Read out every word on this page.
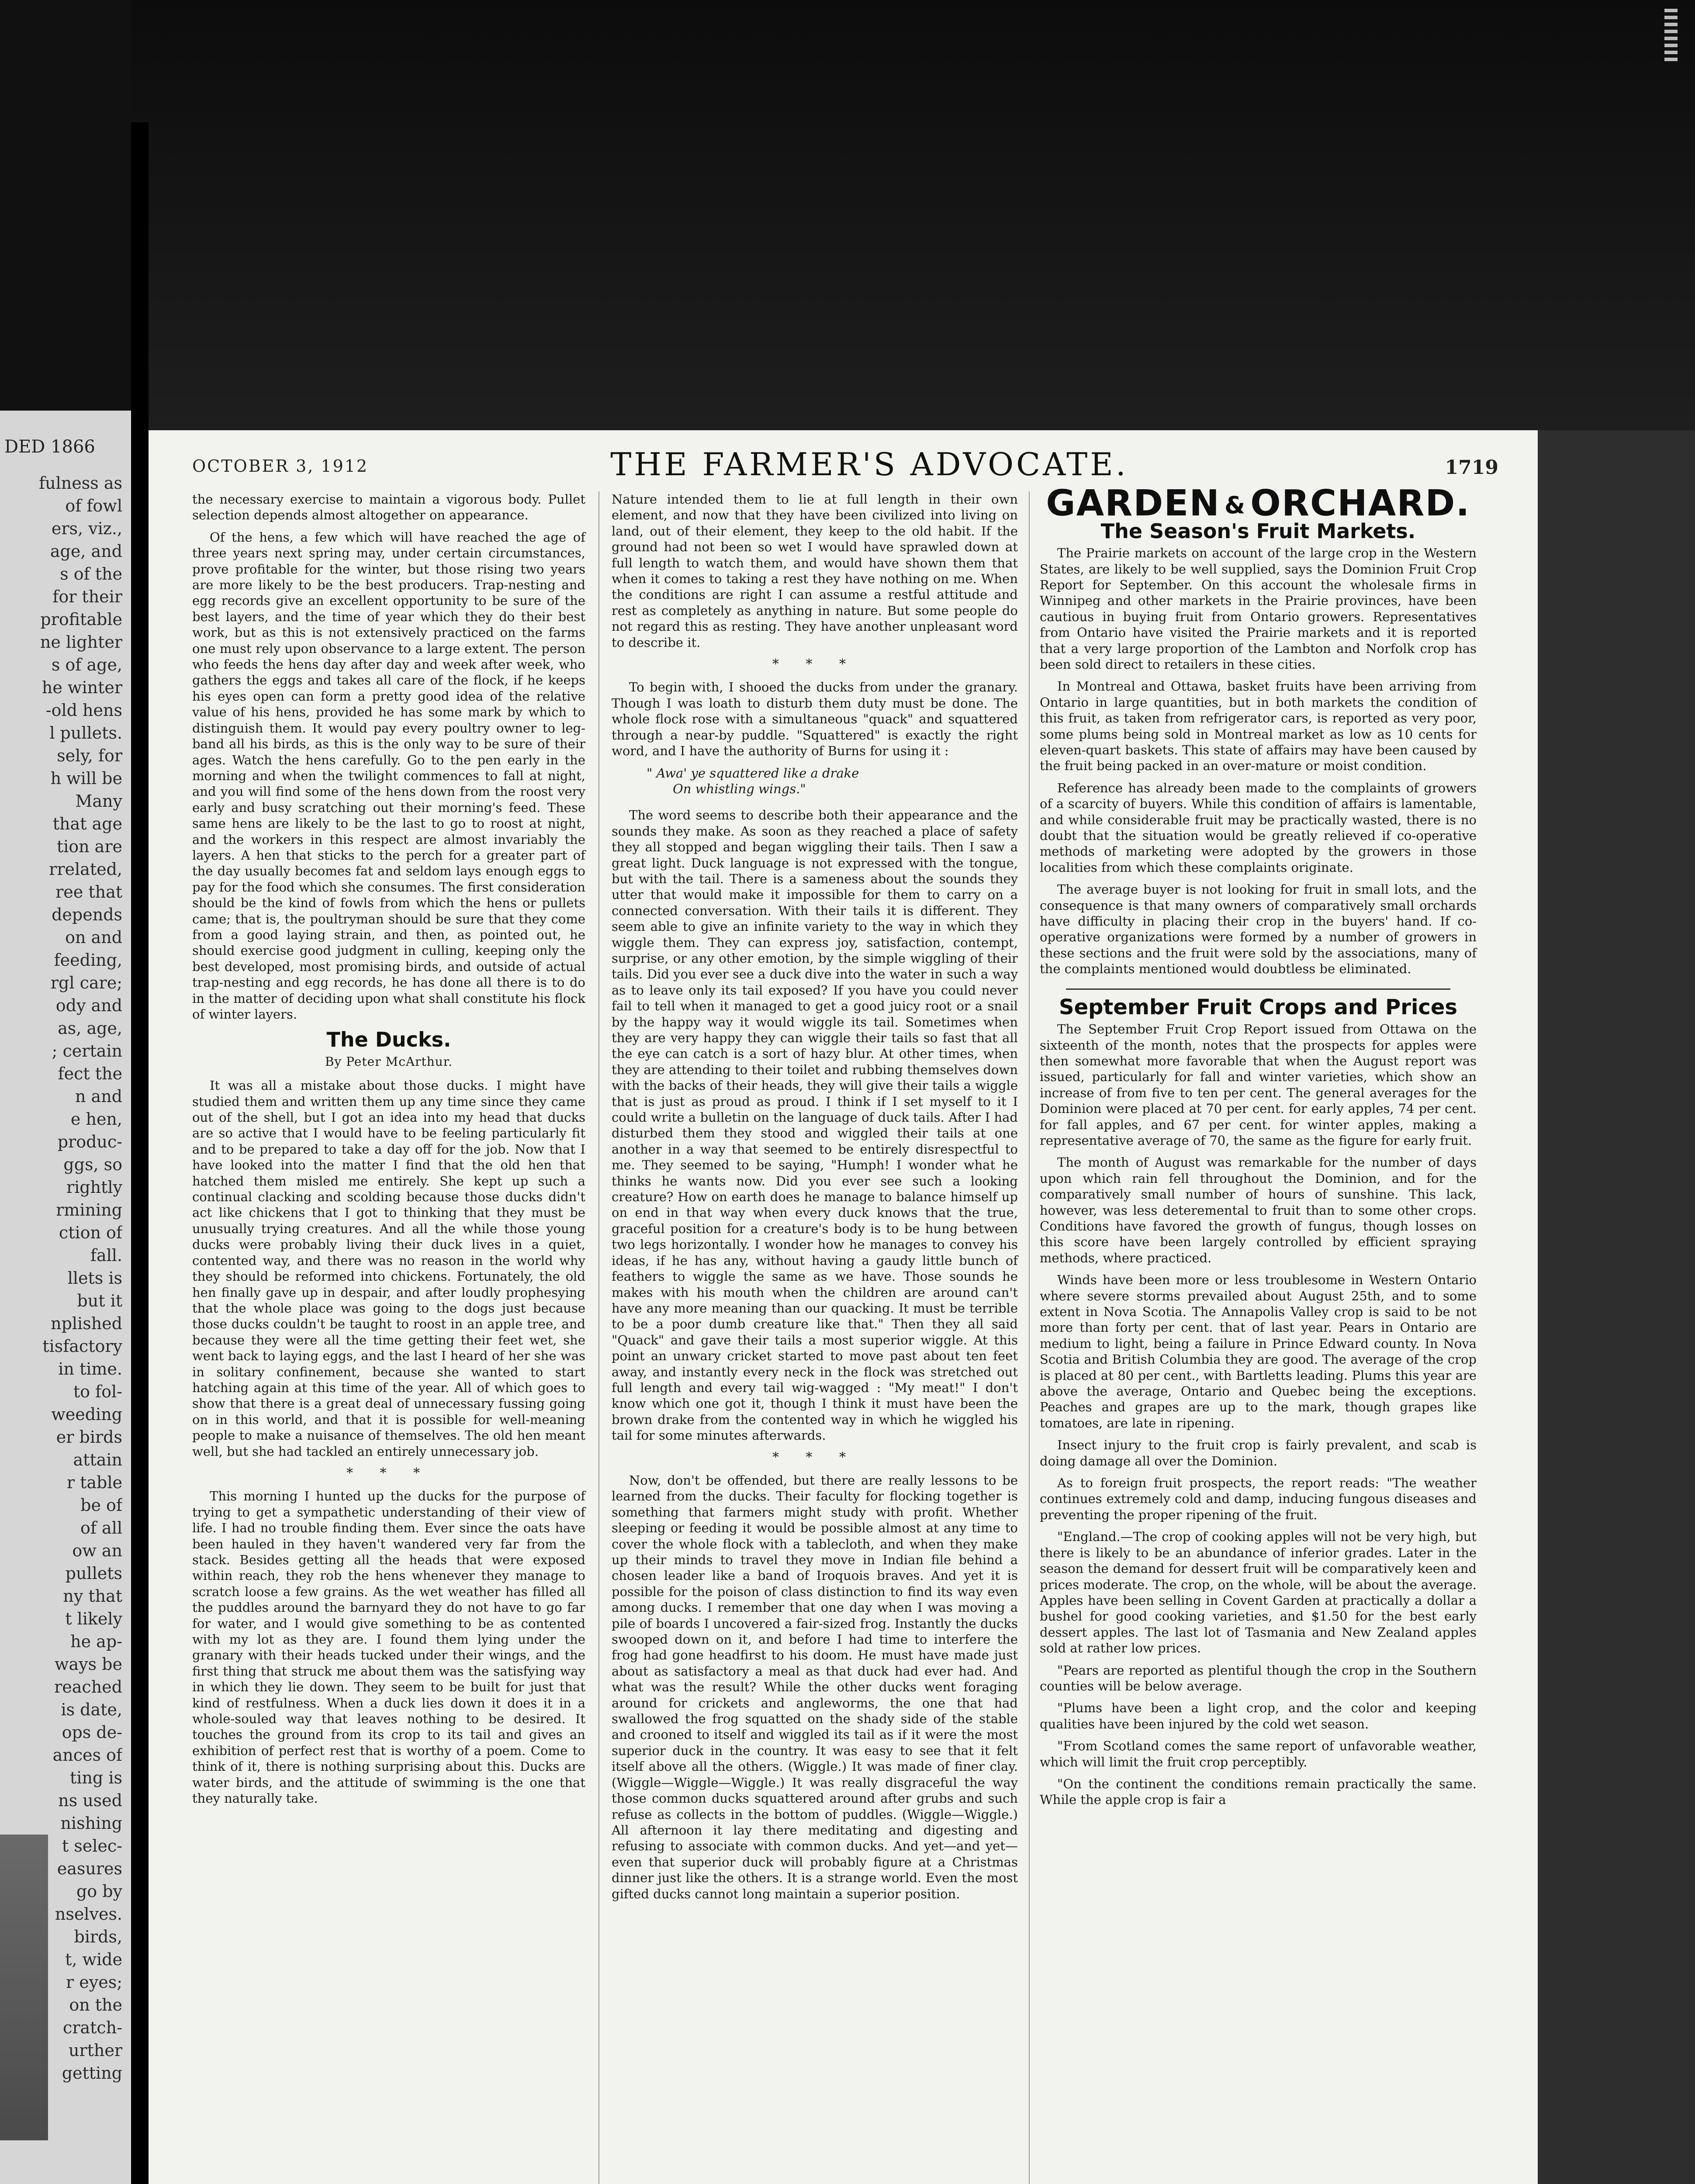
DED 1866
fulness as
of fowl
ers, viz.,
age, and
s of the
for their
profitable
ne lighter
s of age,
he winter
-old hens
l pullets.
sely, for
h will be
Many
that age
tion are
rrelated,
ree that
depends
on and
feeding,
rgl care;
ody and
as, age,
; certain
fect the
n and
e hen,
produc-
ggs, so
rightly
rmining
ction of
fall.
llets is
but it
nplished
tisfactory
in time.
to fol-
weeding
er birds
attain
r table
be of
of all
ow an
pullets
ny that
t likely
he ap-
ways be
reached
is date,
ops de-
ances of
ting is
ns used
nishing
t selec-
easures
go by
nselves.
birds,
t, wide
r eyes;
on the
cratch-
urther
getting
OCTOBER 3, 1912	THE FARMER'S ADVOCATE.	1719

the necessary exercise to maintain a vigorous body. Pullet selection depends almost altogether on appearance.

Of the hens, a few which will have reached the age of three years next spring may, under certain circumstances, prove profitable for the winter, but those rising two years are more likely to be the best producers. Trap-nesting and egg records give an excellent opportunity to be sure of the best layers, and the time of year which they do their best work, but as this is not extensively practiced on the farms one must rely upon observance to a large extent. The person who feeds the hens day after day and week after week, who gathers the eggs and takes all care of the flock, if he keeps his eyes open can form a pretty good idea of the relative value of his hens, provided he has some mark by which to distinguish them. It would pay every poultry owner to leg-band all his birds, as this is the only way to be sure of their ages. Watch the hens carefully. Go to the pen early in the morning and when the twilight commences to fall at night, and you will find some of the hens down from the roost very early and busy scratching out their morning's feed. These same hens are likely to be the last to go to roost at night, and the workers in this respect are almost invariably the layers. A hen that sticks to the perch for a greater part of the day usually becomes fat and seldom lays enough eggs to pay for the food which she consumes. The first consideration should be the kind of fowls from which the hens or pullets came; that is, the poultryman should be sure that they come from a good laying strain, and then, as pointed out, he should exercise good judgment in culling, keeping only the best developed, most promising birds, and outside of actual trap-nesting and egg records, he has done all there is to do in the matter of deciding upon what shall constitute his flock of winter layers.

The Ducks.
By Peter McArthur.

It was all a mistake about those ducks. I might have studied them and written them up any time since they came out of the shell, but I got an idea into my head that ducks are so active that I would have to be feeling particularly fit and to be prepared to take a day off for the job. Now that I have looked into the matter I find that the old hen that hatched them misled me entirely. She kept up such a continual clacking and scolding because those ducks didn't act like chickens that I got to thinking that they must be unusually trying creatures. And all the while those young ducks were probably living their duck lives in a quiet, contented way, and there was no reason in the world why they should be reformed into chickens. Fortunately, the old hen finally gave up in despair, and after loudly prophesying that the whole place was going to the dogs just because those ducks couldn't be taught to roost in an apple tree, and because they were all the time getting their feet wet, she went back to laying eggs, and the last I heard of her she was in solitary confinement, because she wanted to start hatching again at this time of the year. All of which goes to show that there is a great deal of unnecessary fussing going on in this world, and that it is possible for well-meaning people to make a nuisance of themselves. The old hen meant well, but she had tackled an entirely unnecessary job.

* * *

This morning I hunted up the ducks for the purpose of trying to get a sympathetic understanding of their view of life. I had no trouble finding them. Ever since the oats have been hauled in they haven't wandered very far from the stack. Besides getting all the heads that were exposed within reach, they rob the hens whenever they manage to scratch loose a few grains. As the wet weather has filled all the puddles around the barnyard they do not have to go far for water, and I would give something to be as contented with my lot as they are. I found them lying under the granary with their heads tucked under their wings, and the first thing that struck me about them was the satisfying way in which they lie down. They seem to be built for just that kind of restfulness. When a duck lies down it does it in a whole-souled way that leaves nothing to be desired. It touches the ground from its crop to its tail and gives an exhibition of perfect rest that is worthy of a poem. Come to think of it, there is nothing surprising about this. Ducks are water birds, and the attitude of swimming is the one that they naturally take.

Nature intended them to lie at full length in their own element, and now that they have been civilized into living on land, out of their element, they keep to the old habit. If the ground had not been so wet I would have sprawled down at full length to watch them, and would have shown them that when it comes to taking a rest they have nothing on me. When the conditions are right I can assume a restful attitude and rest as completely as anything in nature. But some people do not regard this as resting. They have another unpleasant word to describe it.

* * *

To begin with, I shooed the ducks from under the granary. Though I was loath to disturb them duty must be done. The whole flock rose with a simultaneous "quack" and squattered through a near-by puddle. "Squattered" is exactly the right word, and I have the authority of Burns for using it :

" Awa' ye squattered like a drake
On whistling wings."

The word seems to describe both their appearance and the sounds they make. As soon as they reached a place of safety they all stopped and began wiggling their tails. Then I saw a great light. Duck language is not expressed with the tongue, but with the tail. There is a sameness about the sounds they utter that would make it impossible for them to carry on a connected conversation. With their tails it is different. They seem able to give an infinite variety to the way in which they wiggle them. They can express joy, satisfaction, contempt, surprise, or any other emotion, by the simple wiggling of their tails. Did you ever see a duck dive into the water in such a way as to leave only its tail exposed? If you have you could never fail to tell when it managed to get a good juicy root or a snail by the happy way it would wiggle its tail. Sometimes when they are very happy they can wiggle their tails so fast that all the eye can catch is a sort of hazy blur. At other times, when they are attending to their toilet and rubbing themselves down with the backs of their heads, they will give their tails a wiggle that is just as proud as proud. I think if I set myself to it I could write a bulletin on the language of duck tails. After I had disturbed them they stood and wiggled their tails at one another in a way that seemed to be entirely disrespectful to me. They seemed to be saying, "Humph! I wonder what he thinks he wants now. Did you ever see such a looking creature? How on earth does he manage to balance himself up on end in that way when every duck knows that the true, graceful position for a creature's body is to be hung between two legs horizontally. I wonder how he manages to convey his ideas, if he has any, without having a gaudy little bunch of feathers to wiggle the same as we have. Those sounds he makes with his mouth when the children are around can't have any more meaning than our quacking. It must be terrible to be a poor dumb creature like that." Then they all said "Quack" and gave their tails a most superior wiggle. At this point an unwary cricket started to move past about ten feet away, and instantly every neck in the flock was stretched out full length and every tail wig-wagged : "My meat!" I don't know which one got it, though I think it must have been the brown drake from the contented way in which he wiggled his tail for some minutes afterwards.

* * *

Now, don't be offended, but there are really lessons to be learned from the ducks. Their faculty for flocking together is something that farmers might study with profit. Whether sleeping or feeding it would be possible almost at any time to cover the whole flock with a tablecloth, and when they make up their minds to travel they move in Indian file behind a chosen leader like a band of Iroquois braves. And yet it is possible for the poison of class distinction to find its way even among ducks. I remember that one day when I was moving a pile of boards I uncovered a fair-sized frog. Instantly the ducks swooped down on it, and before I had time to interfere the frog had gone headfirst to his doom. He must have made just about as satisfactory a meal as that duck had ever had. And what was the result? While the other ducks went foraging around for crickets and angleworms, the one that had swallowed the frog squatted on the shady side of the stable and crooned to itself and wiggled its tail as if it were the most superior duck in the country. It was easy to see that it felt itself above all the others. (Wiggle.) It was made of finer clay. (Wiggle—Wiggle—Wiggle.) It was really disgraceful the way those common ducks squattered around after grubs and such refuse as collects in the bottom of puddles. (Wiggle—Wiggle.) All afternoon it lay there meditating and digesting and refusing to associate with common ducks. And yet—and yet—even that superior duck will probably figure at a Christmas dinner just like the others. It is a strange world. Even the most gifted ducks cannot long maintain a superior position.

GARDEN & ORCHARD.
The Season's Fruit Markets.

The Prairie markets on account of the large crop in the Western States, are likely to be well supplied, says the Dominion Fruit Crop Report for September. On this account the wholesale firms in Winnipeg and other markets in the Prairie provinces, have been cautious in buying fruit from Ontario growers. Representatives from Ontario have visited the Prairie markets and it is reported that a very large proportion of the Lambton and Norfolk crop has been sold direct to retailers in these cities.

In Montreal and Ottawa, basket fruits have been arriving from Ontario in large quantities, but in both markets the condition of this fruit, as taken from refrigerator cars, is reported as very poor, some plums being sold in Montreal market as low as 10 cents for eleven-quart baskets. This state of affairs may have been caused by the fruit being packed in an over-mature or moist condition.

Reference has already been made to the complaints of growers of a scarcity of buyers. While this condition of affairs is lamentable, and while considerable fruit may be practically wasted, there is no doubt that the situation would be greatly relieved if co-operative methods of marketing were adopted by the growers in those localities from which these complaints originate.

The average buyer is not looking for fruit in small lots, and the consequence is that many owners of comparatively small orchards have difficulty in placing their crop in the buyers' hand. If co-operative organizations were formed by a number of growers in these sections and the fruit were sold by the associations, many of the complaints mentioned would doubtless be eliminated.

September Fruit Crops and Prices

The September Fruit Crop Report issued from Ottawa on the sixteenth of the month, notes that the prospects for apples were then somewhat more favorable that when the August report was issued, particularly for fall and winter varieties, which show an increase of from five to ten per cent. The general averages for the Dominion were placed at 70 per cent. for early apples, 74 per cent. for fall apples, and 67 per cent. for winter apples, making a representative average of 70, the same as the figure for early fruit.

The month of August was remarkable for the number of days upon which rain fell throughout the Dominion, and for the comparatively small number of hours of sunshine. This lack, however, was less deteremental to fruit than to some other crops. Conditions have favored the growth of fungus, though losses on this score have been largely controlled by efficient spraying methods, where practiced.

Winds have been more or less troublesome in Western Ontario where severe storms prevailed about August 25th, and to some extent in Nova Scotia. The Annapolis Valley crop is said to be not more than forty per cent. that of last year. Pears in Ontario are medium to light, being a failure in Prince Edward county. In Nova Scotia and British Columbia they are good. The average of the crop is placed at 80 per cent., with Bartletts leading. Plums this year are above the average, Ontario and Quebec being the exceptions. Peaches and grapes are up to the mark, though grapes like tomatoes, are late in ripening.

Insect injury to the fruit crop is fairly prevalent, and scab is doing damage all over the Dominion.

As to foreign fruit prospects, the report reads: "The weather continues extremely cold and damp, inducing fungous diseases and preventing the proper ripening of the fruit.

"England.—The crop of cooking apples will not be very high, but there is likely to be an abundance of inferior grades. Later in the season the demand for dessert fruit will be comparatively keen and prices moderate. The crop, on the whole, will be about the average. Apples have been selling in Covent Garden at practically a dollar a bushel for good cooking varieties, and $1.50 for the best early dessert apples. The last lot of Tasmania and New Zealand apples sold at rather low prices.

"Pears are reported as plentiful though the crop in the Southern counties will be below average.

"Plums have been a light crop, and the color and keeping qualities have been injured by the cold wet season.

"From Scotland comes the same report of unfavorable weather, which will limit the fruit crop perceptibly.

"On the continent the conditions remain practically the same. While the apple crop is fair a
